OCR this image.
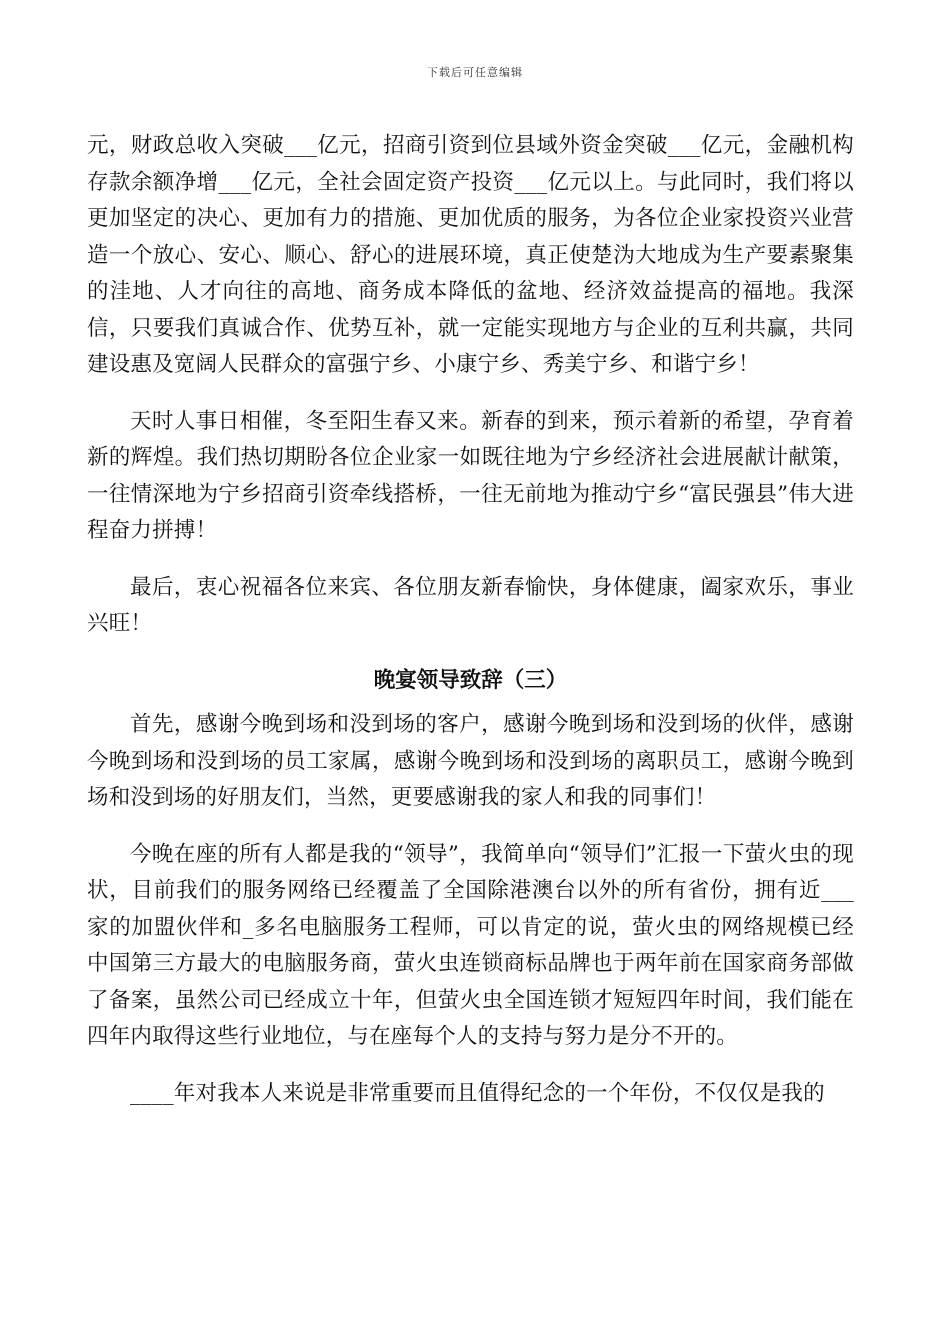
下载后可任意编辑

元，财政总收入突破___亿元，招商引资到位县域外资金突破___亿元，金融机构存款余额净增___亿元，全社会固定资产投资___亿元以上。与此同时，我们将以更加坚定的决心、更加有力的措施、更加优质的服务，为各位企业家投资兴业营造一个放心、安心、顺心、舒心的进展环境，真正使楚沩大地成为生产要素聚集的洼地、人才向往的高地、商务成本降低的盆地、经济效益提高的福地。我深信，只要我们真诚合作、优势互补，就一定能实现地方与企业的互利共赢，共同建设惠及宽阔人民群众的富强宁乡、小康宁乡、秀美宁乡、和谐宁乡！

天时人事日相催，冬至阳生春又来。新春的到来，预示着新的希望，孕育着新的辉煌。我们热切期盼各位企业家一如既往地为宁乡经济社会进展献计献策，一往情深地为宁乡招商引资牵线搭桥，一往无前地为推动宁乡“富民强县”伟大进程奋力拼搏！

最后，衷心祝福各位来宾、各位朋友新春愉快，身体健康，阖家欢乐，事业兴旺！

晚宴领导致辞（三）

首先，感谢今晚到场和没到场的客户，感谢今晚到场和没到场的伙伴，感谢今晚到场和没到场的员工家属，感谢今晚到场和没到场的离职员工，感谢今晚到场和没到场的好朋友们，当然，更要感谢我的家人和我的同事们！

今晚在座的所有人都是我的“领导”，我简单向“领导们”汇报一下萤火虫的现状，目前我们的服务网络已经覆盖了全国除港澳台以外的所有省份，拥有近___家的加盟伙伴和_多名电脑服务工程师，可以肯定的说，萤火虫的网络规模已经中国第三方最大的电脑服务商，萤火虫连锁商标品牌也于两年前在国家商务部做了备案，虽然公司已经成立十年，但萤火虫全国连锁才短短四年时间，我们能在四年内取得这些行业地位，与在座每个人的支持与努力是分不开的。

____年对我本人来说是非常重要而且值得纪念的一个年份，不仅仅是我的
